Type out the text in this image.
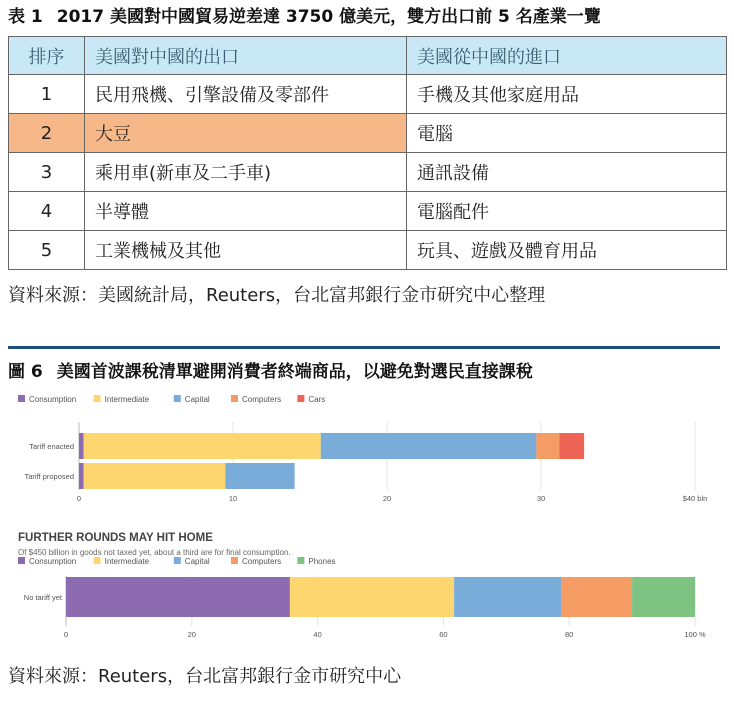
表 1 2017 美國對中國貿易逆差達 3750 億美元，雙方出口前 5 名產業一覽
排序	美國對中國的出口	美國從中國的進口
1	民用飛機、引擎設備及零部件	手機及其他家庭用品
2	大豆	電腦
3	乘用車(新車及二手車)	通訊設備
4	半導體	電腦配件
5	工業機械及其他	玩具、遊戲及體育用品
資料來源：美國統計局，Reuters，台北富邦銀行金市研究中心整理
圖 6 美國首波課稅清單避開消費者終端商品，以避免對選民直接課稅
Consumption	Intermediate	Capital	Computers	Cars
0	10	20	30	$40 bln
Tariff enacted
Tariff proposed
FURTHER ROUNDS MAY HIT HOME
Of $450 billion in goods not taxed yet, about a third are for final consumption.
Consumption	Intermediate	Capital	Computers	Phones
0	20	40	60	80	100 %
No tariff yet
資料來源：Reuters，台北富邦銀行金市研究中心
